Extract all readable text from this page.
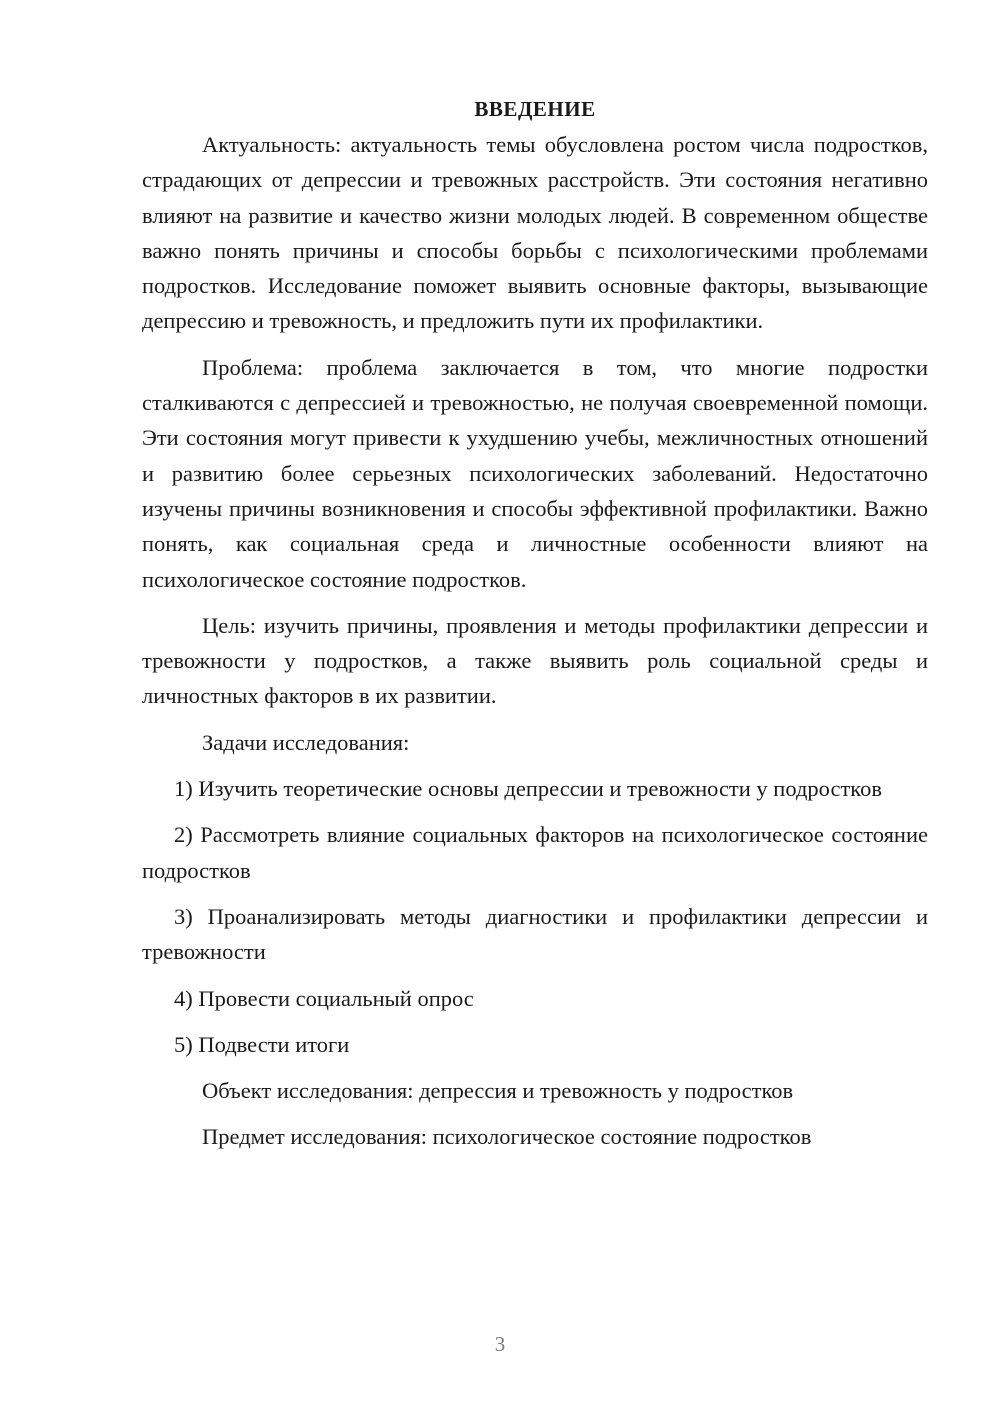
ВВЕДЕНИЕ

Актуальность: актуальность темы обусловлена ростом числа подростков, страдающих от депрессии и тревожных расстройств. Эти состояния негативно влияют на развитие и качество жизни молодых людей. В современном обществе важно понять причины и способы борьбы с психологическими проблемами подростков. Исследование поможет выявить основные факторы, вызывающие депрессию и тревожность, и предложить пути их профилактики.

Проблема: проблема заключается в том, что многие подростки сталкиваются с депрессией и тревожностью, не получая своевременной помощи. Эти состояния могут привести к ухудшению учебы, межличностных отношений и развитию более серьезных психологических заболеваний. Недостаточно изучены причины возникновения и способы эффективной профилактики. Важно понять, как социальная среда и личностные особенности влияют на психологическое состояние подростков.

Цель: изучить причины, проявления и методы профилактики депрессии и тревожности у подростков, а также выявить роль социальной среды и личностных факторов в их развитии.

Задачи исследования:

1) Изучить теоретические основы депрессии и тревожности у подростков

2) Рассмотреть влияние социальных факторов на психологическое состояние подростков

3) Проанализировать методы диагностики и профилактики депрессии и тревожности

4) Провести социальный опрос

5) Подвести итоги

Объект исследования: депрессия и тревожность у подростков

Предмет исследования: психологическое состояние подростков

3
